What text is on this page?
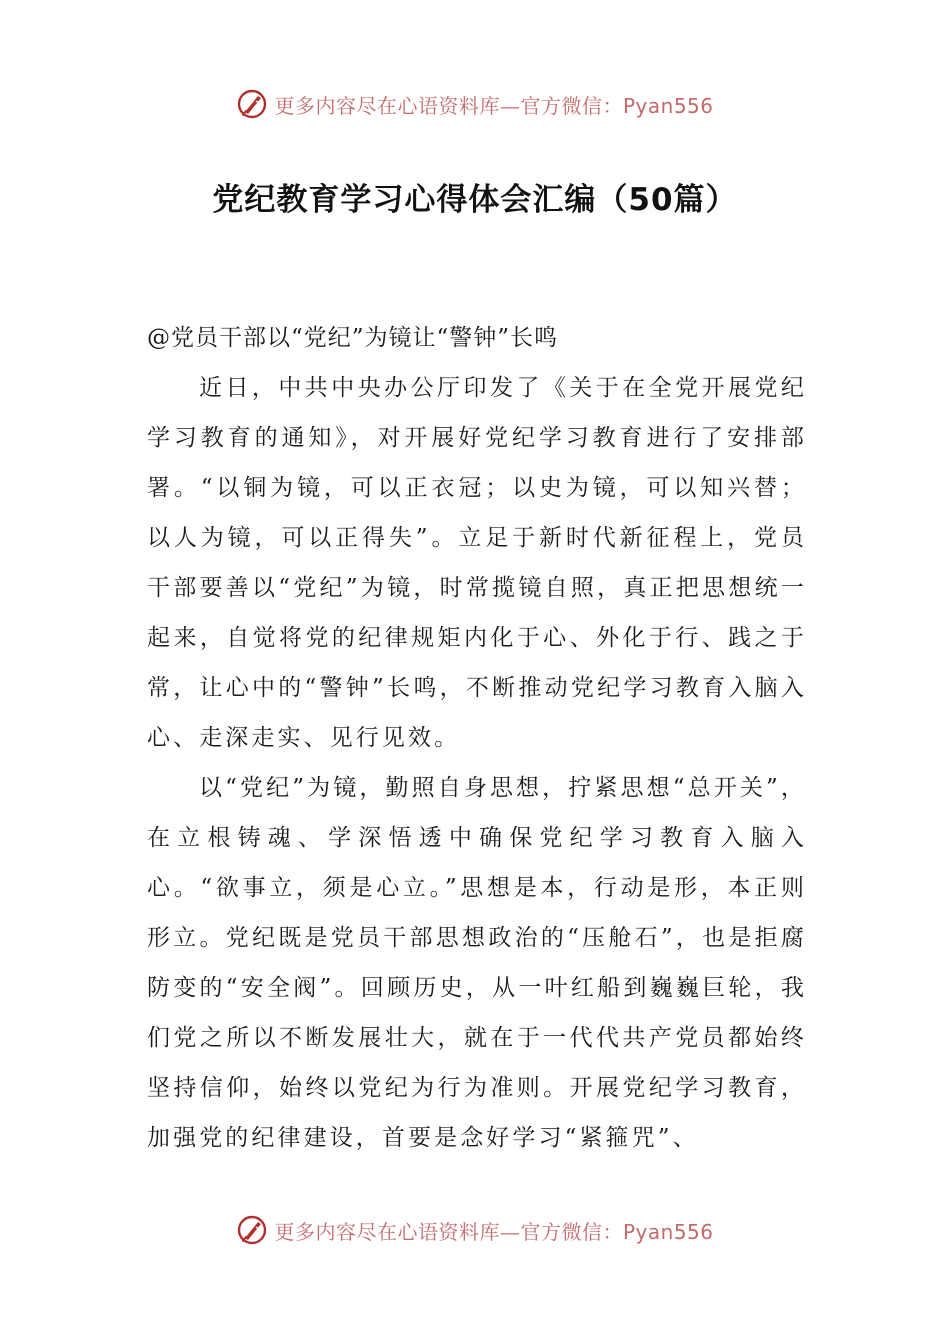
更多内容尽在心语资料库—官方微信：Pyan556
党纪教育学习心得体会汇编（50篇）

@党员干部以“党纪”为镜让“警钟”长鸣

近日，中共中央办公厅印发了《关于在全党开展党纪学习教育的通知》，对开展好党纪学习教育进行了安排部署。“以铜为镜，可以正衣冠；以史为镜，可以知兴替；以人为镜，可以正得失”。立足于新时代新征程上，党员干部要善以“党纪”为镜，时常揽镜自照，真正把思想统一起来，自觉将党的纪律规矩内化于心、外化于行、践之于常，让心中的“警钟”长鸣，不断推动党纪学习教育入脑入心、走深走实、见行见效。

以“党纪”为镜，勤照自身思想，拧紧思想“总开关”，在立根铸魂、学深悟透中确保党纪学习教育入脑入心。“欲事立，须是心立。”思想是本，行动是形，本正则形立。党纪既是党员干部思想政治的“压舱石”，也是拒腐防变的“安全阀”。回顾历史，从一叶红船到巍巍巨轮，我们党之所以不断发展壮大，就在于一代代共产党员都始终坚持信仰，始终以党纪为行为准则。开展党纪学习教育，加强党的纪律建设，首要是念好学习“紧箍咒”、

更多内容尽在心语资料库—官方微信：Pyan556
